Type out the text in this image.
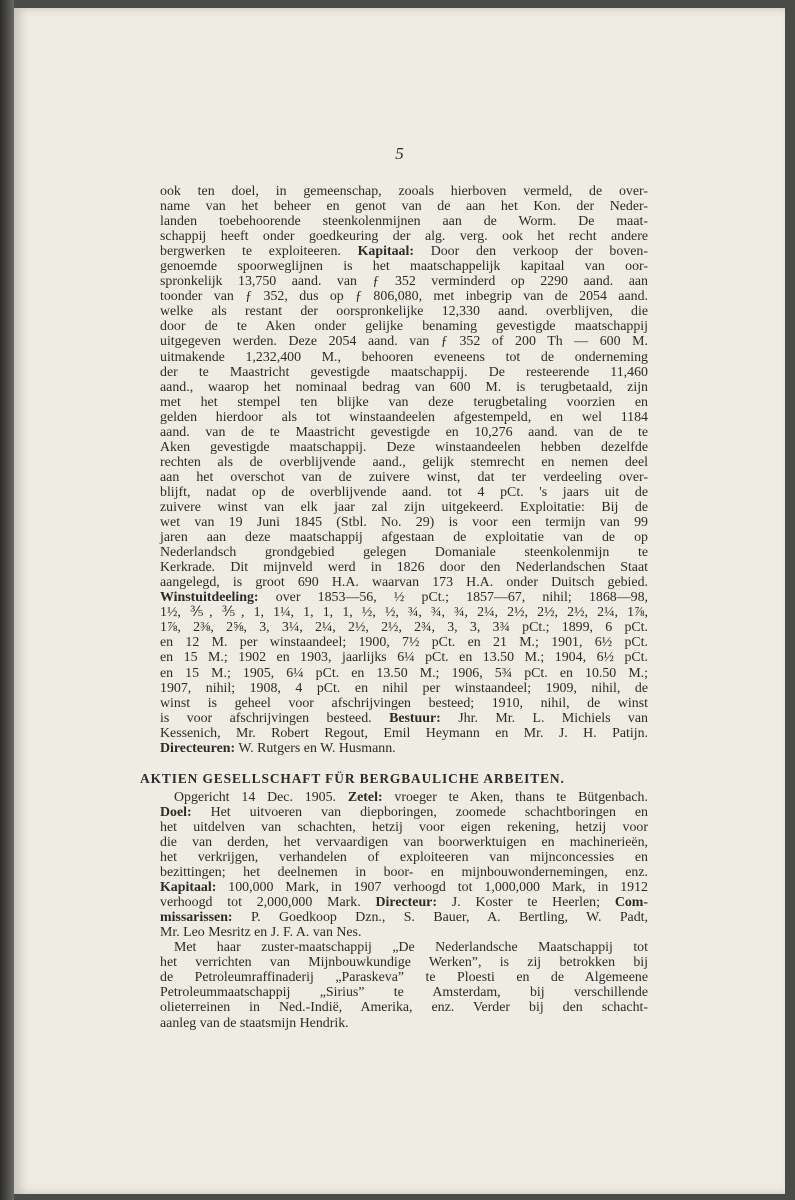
5
ook ten doel, in gemeenschap, zooals hierboven vermeld, de over-
name van het beheer en genot van de aan het Kon. der Neder-
landen toebehoorende steenkolenmijnen aan de Worm. De maat-
schappij heeft onder goedkeuring der alg. verg. ook het recht andere
bergwerken te exploiteeren. Kapitaal: Door den verkoop der boven-
genoemde spoorweglijnen is het maatschappelijk kapitaal van oor-
spronkelijk 13,750 aand. van ƒ 352 verminderd op 2290 aand. aan
toonder van ƒ 352, dus op ƒ 806,080, met inbegrip van de 2054 aand.
welke als restant der oorspronkelijke 12,330 aand. overblijven, die
door de te Aken onder gelijke benaming gevestigde maatschappij
uitgegeven werden. Deze 2054 aand. van ƒ 352 of 200 Th — 600 M.
uitmakende 1,232,400 M., behooren eveneens tot de onderneming
der te Maastricht gevestigde maatschappij. De resteerende 11,460
aand., waarop het nominaal bedrag van 600 M. is terugbetaald, zijn
met het stempel ten blijke van deze terugbetaling voorzien en
gelden hierdoor als tot winstaandeelen afgestempeld, en wel 1184
aand. van de te Maastricht gevestigde en 10,276 aand. van de te
Aken gevestigde maatschappij. Deze winstaandeelen hebben dezelfde
rechten als de overblijvende aand., gelijk stemrecht en nemen deel
aan het overschot van de zuivere winst, dat ter verdeeling over-
blijft, nadat op de overblijvende aand. tot 4 pCt. 's jaars uit de
zuivere winst van elk jaar zal zijn uitgekeerd. Exploitatie: Bij de
wet van 19 Juni 1845 (Stbl. No. 29) is voor een termijn van 99
jaren aan deze maatschappij afgestaan de exploitatie van de op
Nederlandsch grondgebied gelegen Domaniale steenkolenmijn te
Kerkrade. Dit mijnveld werd in 1826 door den Nederlandschen Staat
aangelegd, is groot 690 H.A. waarvan 173 H.A. onder Duitsch gebied.
Winstuitdeeling: over 1853—56, ½ pCt.; 1857—67, nihil; 1868—98,
1½, ⅗, ⅗, 1, 1¼, 1, 1, 1, ½, ½, ¾, ¾, ¾, 2¼, 2½, 2½, 2½, 2¼, 1⅞,
1⅞, 2⅜, 2⅝, 3, 3¼, 2¼, 2½, 2½, 2¾, 3, 3, 3¾ pCt.; 1899, 6 pCt.
en 12 M. per winstaandeel; 1900, 7½ pCt. en 21 M.; 1901, 6½ pCt.
en 15 M.; 1902 en 1903, jaarlijks 6¼ pCt. en 13.50 M.; 1904, 6½ pCt.
en 15 M.; 1905, 6¼ pCt. en 13.50 M.; 1906, 5¾ pCt. en 10.50 M.;
1907, nihil; 1908, 4 pCt. en nihil per winstaandeel; 1909, nihil, de
winst is geheel voor afschrijvingen besteed; 1910, nihil, de winst
is voor afschrijvingen besteed. Bestuur: Jhr. Mr. L. Michiels van
Kessenich, Mr. Robert Regout, Emil Heymann en Mr. J. H. Patijn.
Directeuren: W. Rutgers en W. Husmann.
AKTIEN GESELLSCHAFT FÜR BERGBAULICHE ARBEITEN.
Opgericht 14 Dec. 1905. Zetel: vroeger te Aken, thans te Bütgenbach.
Doel: Het uitvoeren van diepboringen, zoomede schachtboringen en
het uitdelven van schachten, hetzij voor eigen rekening, hetzij voor
die van derden, het vervaardigen van boorwerktuigen en machinerieën,
het verkrijgen, verhandelen of exploiteeren van mijnconcessies en
bezittingen; het deelnemen in boor- en mijnbouwondernemingen, enz.
Kapitaal: 100,000 Mark, in 1907 verhoogd tot 1,000,000 Mark, in 1912
verhoogd tot 2,000,000 Mark. Directeur: J. Koster te Heerlen; Com-
missarissen: P. Goedkoop Dzn., S. Bauer, A. Bertling, W. Padt,
Mr. Leo Mesritz en J. F. A. van Nes.
Met haar zuster-maatschappij „De Nederlandsche Maatschappij tot
het verrichten van Mijnbouwkundige Werken”, is zij betrokken bij
de Petroleumraffinaderij „Paraskeva” te Ploesti en de Algemeene
Petroleummaatschappij „Sirius” te Amsterdam, bij verschillende
olieterreinen in Ned.-Indië, Amerika, enz. Verder bij den schacht-
aanleg van de staatsmijn Hendrik.
